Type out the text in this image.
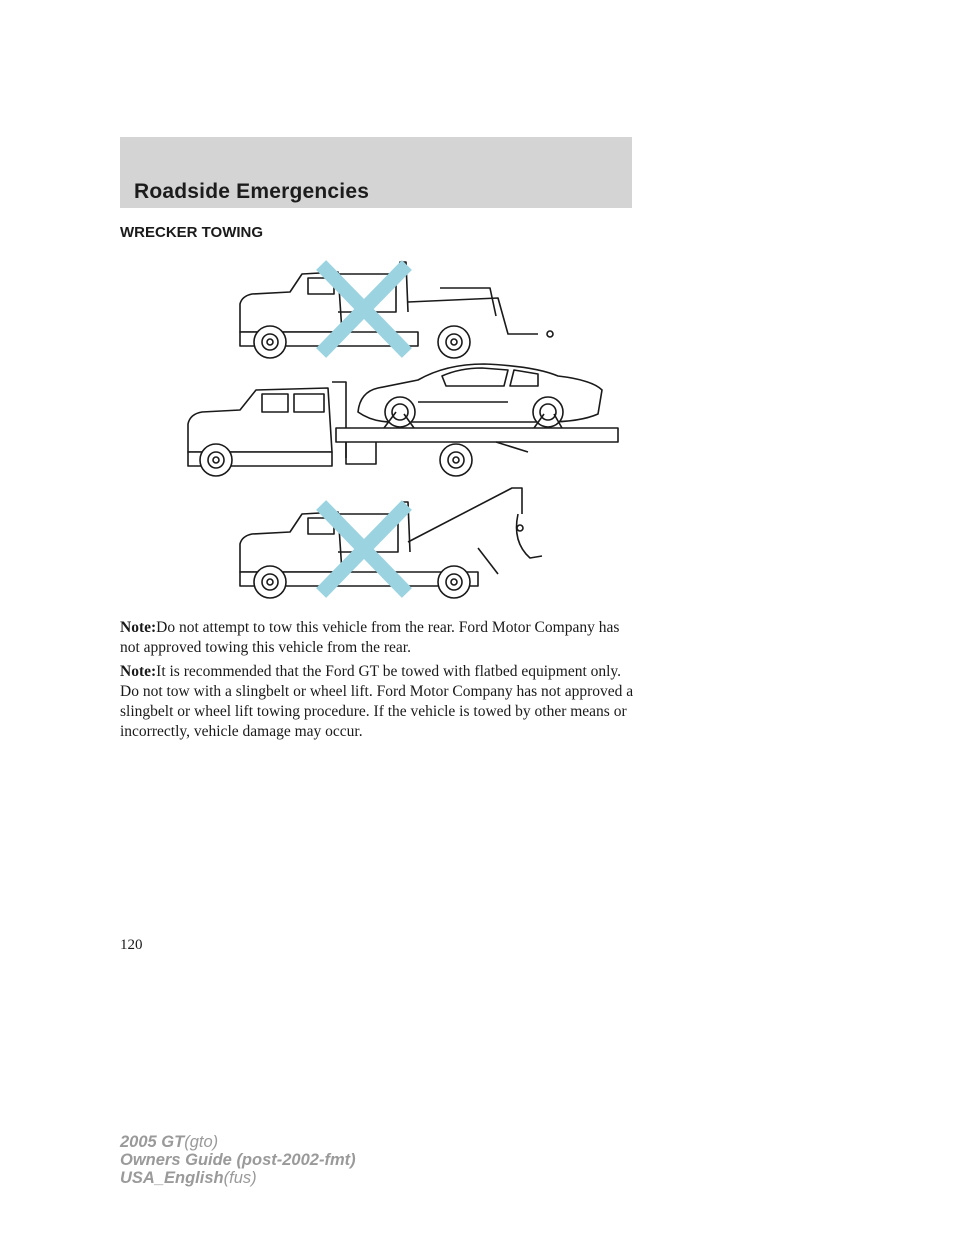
Roadside Emergencies
WRECKER TOWING

Note:Do not attempt to tow this vehicle from the rear. Ford Motor Company has not approved towing this vehicle from the rear.

Note:It is recommended that the Ford GT be towed with flatbed equipment only. Do not tow with a slingbelt or wheel lift. Ford Motor Company has not approved a slingbelt or wheel lift towing procedure. If the vehicle is towed by other means or incorrectly, vehicle damage may occur.

120
2005 GT(gto)
Owners Guide (post-2002-fmt)
USA_English(fus)
